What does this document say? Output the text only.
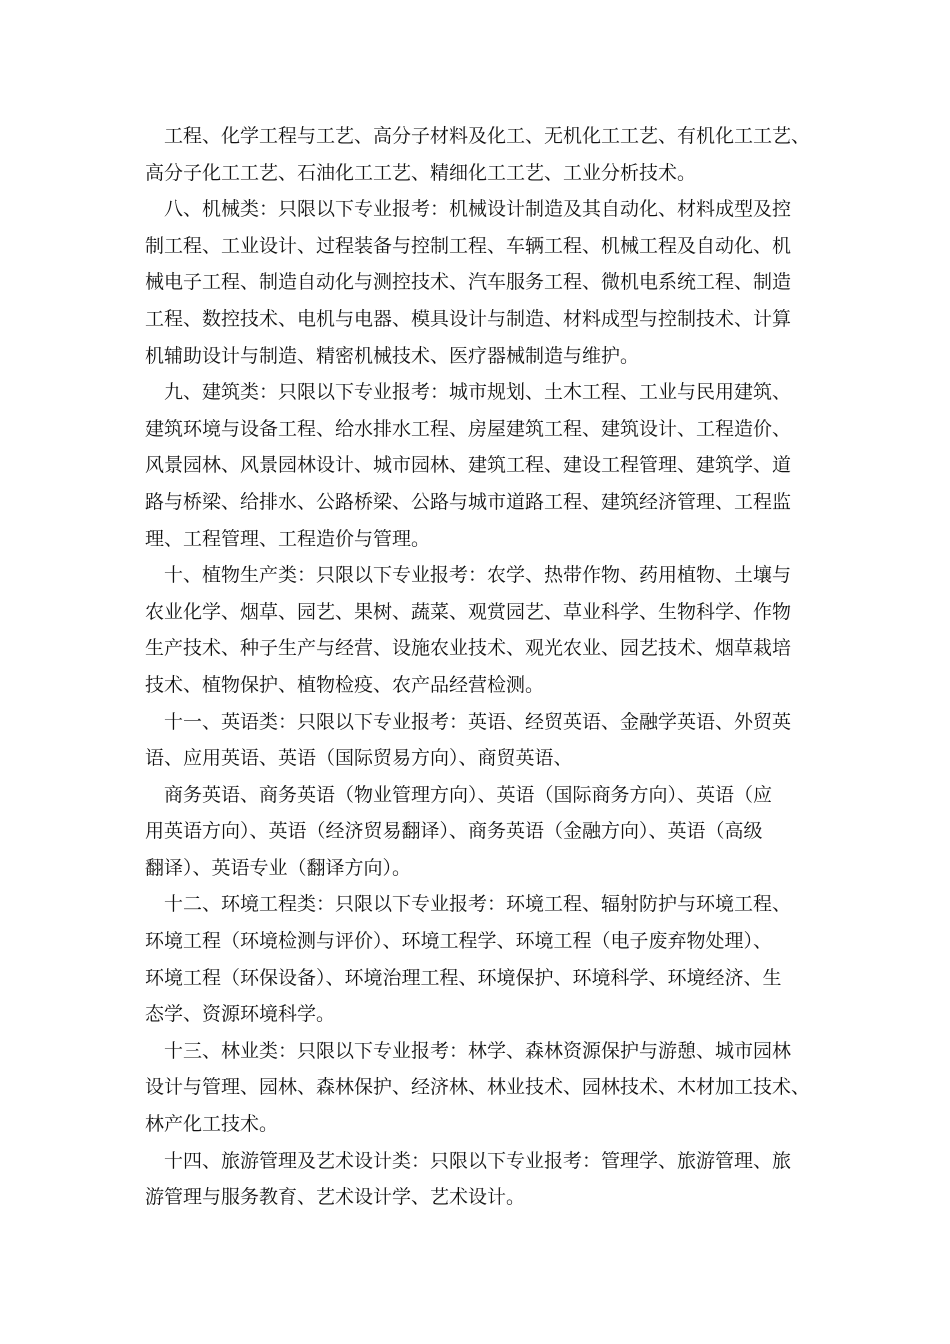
工程、化学工程与工艺、高分子材料及化工、无机化工工艺、有机化工工艺、
高分子化工工艺、石油化工工艺、精细化工工艺、工业分析技术。
八、机械类：只限以下专业报考：机械设计制造及其自动化、材料成型及控
制工程、工业设计、过程装备与控制工程、车辆工程、机械工程及自动化、机
械电子工程、制造自动化与测控技术、汽车服务工程、微机电系统工程、制造
工程、数控技术、电机与电器、模具设计与制造、材料成型与控制技术、计算
机辅助设计与制造、精密机械技术、医疗器械制造与维护。
九、建筑类：只限以下专业报考：城市规划、土木工程、工业与民用建筑、
建筑环境与设备工程、给水排水工程、房屋建筑工程、建筑设计、工程造价、
风景园林、风景园林设计、城市园林、建筑工程、建设工程管理、建筑学、道
路与桥梁、给排水、公路桥梁、公路与城市道路工程、建筑经济管理、工程监
理、工程管理、工程造价与管理。
十、植物生产类：只限以下专业报考：农学、热带作物、药用植物、土壤与
农业化学、烟草、园艺、果树、蔬菜、观赏园艺、草业科学、生物科学、作物
生产技术、种子生产与经营、设施农业技术、观光农业、园艺技术、烟草栽培
技术、植物保护、植物检疫、农产品经营检测。
十一、英语类：只限以下专业报考：英语、经贸英语、金融学英语、外贸英
语、应用英语、英语（国际贸易方向）、商贸英语、
商务英语、商务英语（物业管理方向）、英语（国际商务方向）、英语（应
用英语方向）、英语（经济贸易翻译）、商务英语（金融方向）、英语（高级
翻译）、英语专业（翻译方向）。
十二、环境工程类：只限以下专业报考：环境工程、辐射防护与环境工程、
环境工程（环境检测与评价）、环境工程学、环境工程（电子废弃物处理）、
环境工程（环保设备）、环境治理工程、环境保护、环境科学、环境经济、生
态学、资源环境科学。
十三、林业类：只限以下专业报考：林学、森林资源保护与游憩、城市园林
设计与管理、园林、森林保护、经济林、林业技术、园林技术、木材加工技术、
林产化工技术。
十四、旅游管理及艺术设计类：只限以下专业报考：管理学、旅游管理、旅
游管理与服务教育、艺术设计学、艺术设计。
